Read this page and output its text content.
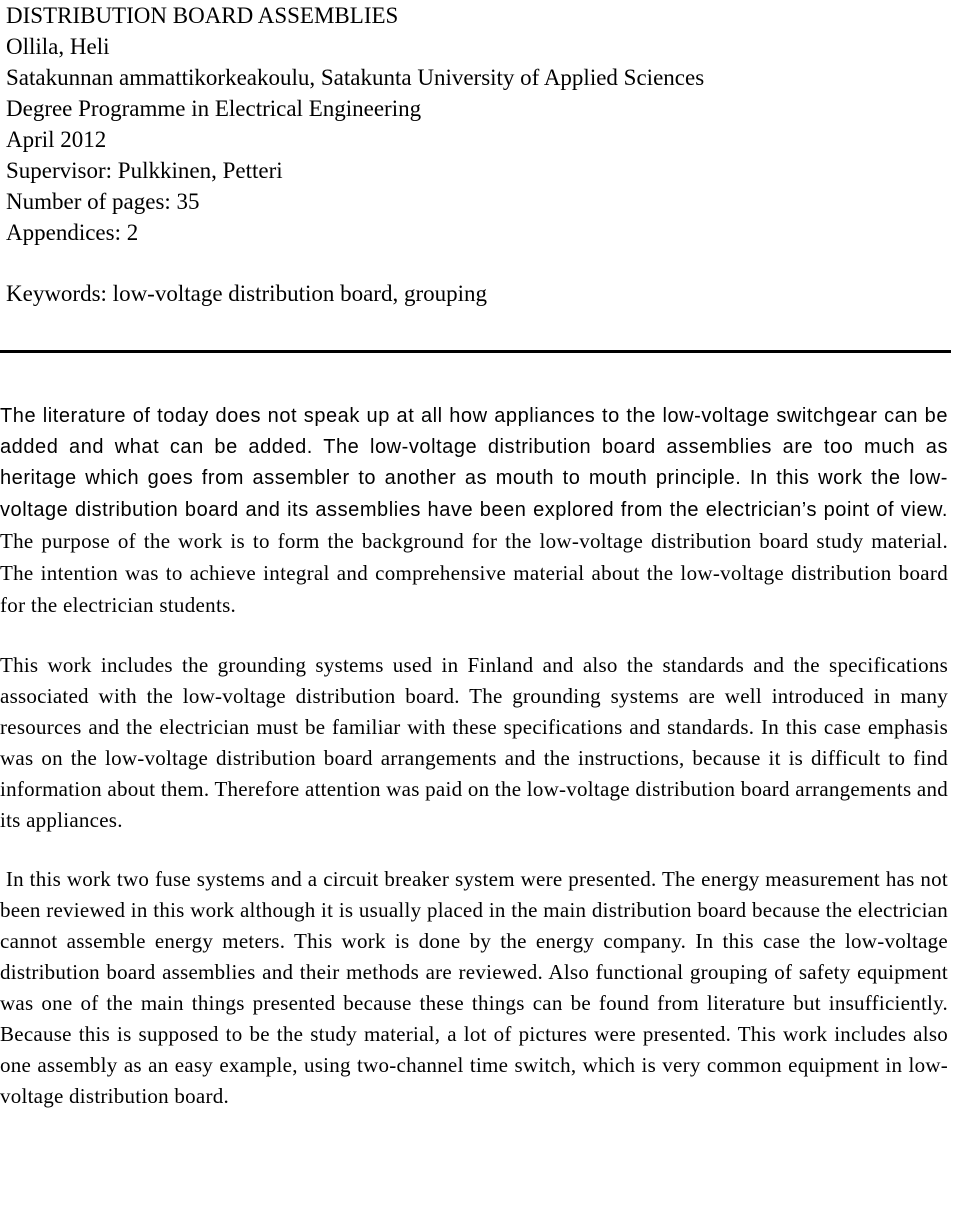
DISTRIBUTION BOARD ASSEMBLIES

Ollila, Heli

Satakunnan ammattikorkeakoulu, Satakunta University of Applied Sciences

Degree Programme in Electrical Engineering

April 2012

Supervisor: Pulkkinen, Petteri

Number of pages: 35

Appendices: 2

Keywords: low-voltage distribution board, grouping

The literature of today does not speak up at all how appliances to the low-voltage switchgear can be added and what can be added. The low-voltage distribution board assemblies are too much as heritage which goes from assembler to another as mouth to mouth principle. In this work the low-voltage distribution board and its assemblies have been explored from the electrician’s point of view. The purpose of the work is to form the background for the low-voltage distribution board study material. The intention was to achieve integral and comprehensive material about the low-voltage distribution board for the electrician students.

This work includes the grounding systems used in Finland and also the standards and the specifications associated with the low-voltage distribution board. The grounding systems are well introduced in many resources and the electrician must be familiar with these specifications and standards. In this case emphasis was on the low-voltage distribution board arrangements and the instructions, because it is difficult to find information about them. Therefore attention was paid on the low-voltage distribution board arrangements and its appliances.

In this work two fuse systems and a circuit breaker system were presented. The energy measurement has not been reviewed in this work although it is usually placed in the main distribution board because the electrician cannot assemble energy meters. This work is done by the energy company. In this case the low-voltage distribution board assemblies and their methods are reviewed. Also functional grouping of safety equipment was one of the main things presented because these things can be found from literature but insufficiently. Because this is supposed to be the study material, a lot of pictures were presented. This work includes also one assembly as an easy example, using two-channel time switch, which is very common equipment in low-voltage distribution board.
